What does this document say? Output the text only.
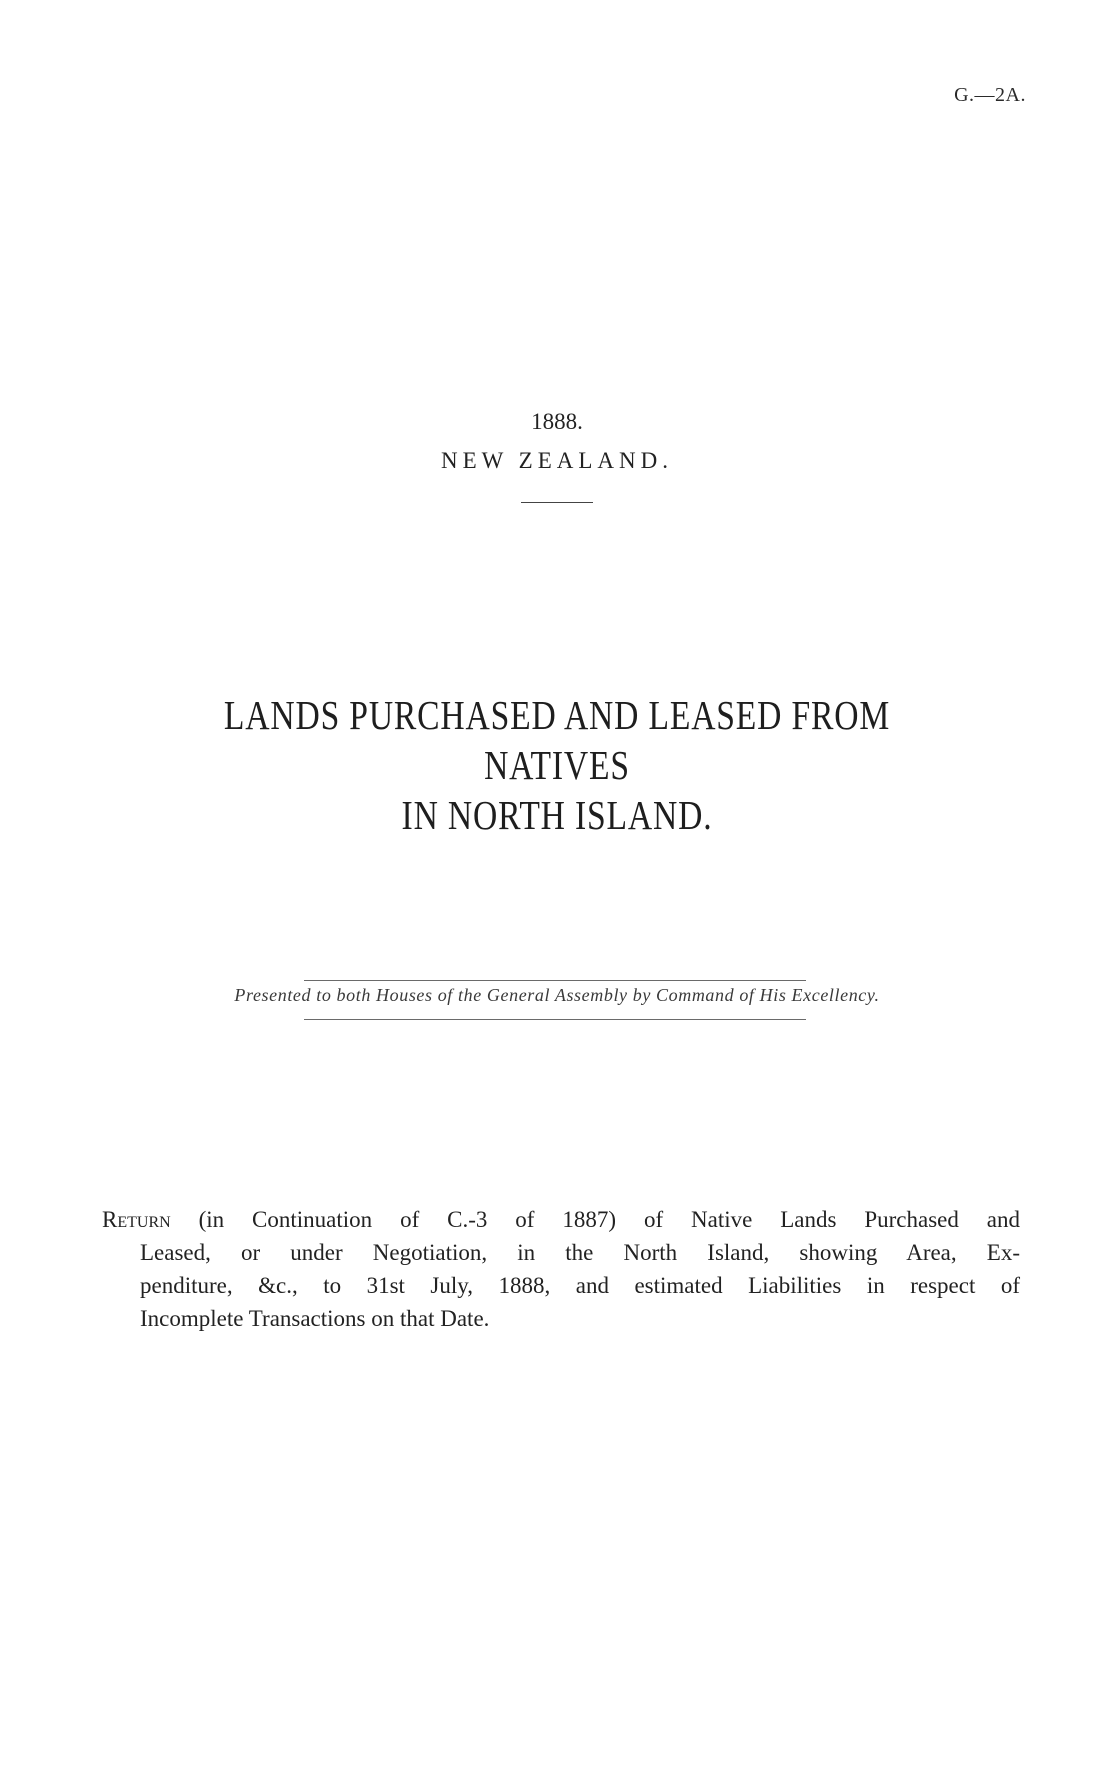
G.—2A.
1888.
NEW ZEALAND.
LANDS PURCHASED AND LEASED FROM NATIVES
IN NORTH ISLAND.
Presented to both Houses of the General Assembly by Command of His Excellency.
Return (in Continuation of C.-3 of 1887) of Native Lands Purchased and
Leased, or under Negotiation, in the North Island, showing Area, Ex-
penditure, &c., to 31st July, 1888, and estimated Liabilities in respect of
Incomplete Transactions on that Date.
